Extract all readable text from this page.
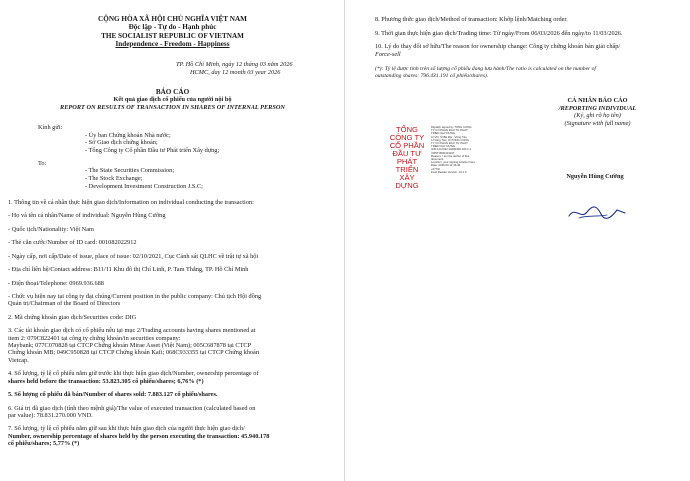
CỘNG HÒA XÃ HỘI CHỦ NGHĨA VIỆT NAM
Độc lập - Tự do - Hạnh phúc
THE SOCIALIST REPUBLIC OF VIETNAM
Independence - Freedom - Happiness
TP. Hồ Chí Minh, ngày 12 tháng 03 năm 2026
HCMC, day 12 month 03 year 2026
BÁO CÁO
Kết quả giao dịch cổ phiếu của người nội bộ
REPORT ON RESULTS OF TRANSACTION IN SHARES OF INTERNAL PERSON
Kính gửi:
- Ủy ban Chứng khoán Nhà nước;
- Sở Giao dịch chứng khoán;
- Tổng Công ty Cổ phần Đầu tư Phát triển Xây dựng;
To:
- The State Securities Commission;
- The Stock Exchange;
- Development Investment Construction J.S.C;
1. Thông tin về cá nhân thực hiện giao dịch/Information on individual conducting the transaction:
- Họ và tên cá nhân/Name of individual: Nguyễn Hùng Cường
- Quốc tịch/Nationality: Việt Nam
- Thẻ căn cước/Number of ID card: 001082022912
- Ngày cấp, nơi cấp/Date of issue, place of issue: 02/10/2021, Cục Cảnh sát QLHC về trật tự xã hội
- Địa chỉ liên hệ/Contact address: B11/11 Khu đô thị Chí Linh, P. Tam Thắng, TP. Hồ Chí Minh
- Điện thoại/Telephone: 0969.936.688
- Chức vụ hiện nay tại công ty đại chúng/Current position in the public company: Chủ tịch Hội đồng
Quản trị/Chairman of the Board of Directors
2. Mã chứng khoán giao dịch/Securities code: DIG
3. Các tài khoản giao dịch có cổ phiếu nêu tại mục 2/Trading accounts having shares mentioned at
item 2: 079C822401 tại công ty chứng khoán/in securities company:
Maybank; 077C070828 tại CTCP Chứng khoán Mirae Asset (Việt Nam); 005C687878 tại CTCP
Chứng khoán MB; 049C950828 tại CTCP Chứng khoán Kafi; 068C933355 tại CTCP Chứng khoán
Vietcap.
4. Số lượng, tỷ lệ cổ phiếu nắm giữ trước khi thực hiện giao dịch/Number, ownership percentage of
shares held before the transaction: 53.823.305 cổ phiếu/shares; 6,76% (*)
5. Số lượng cổ phiếu đã bán/Number of shares sold: 7.883.127 cổ phiếu/shares.
6. Giá trị đã giao dịch (tính theo mệnh giá)/The value of executed transaction (calculated based on
par value): 78.831.270.000 VND.
7. Số lượng, tỷ lệ cổ phiếu nắm giữ sau khi thực hiện giao dịch của người thực hiện giao dịch/
Number, ownership percentage of shares held by the person executing the transaction: 45.940.178
cổ phiếu/shares; 5,77% (*)
8. Phương thức giao dịch/Method of transaction: Khớp lệnh/Matching order.
9. Thời gian thực hiện giao dịch/Trading time: Từ ngày/From 06/03/2026 đến ngày/to 11/03/2026.
10. Lý do thay đổi sở hữu/The reason for ownership change: Công ty chứng khoán bán giải chấp/
Force-sell
(*): Tỷ lệ được tính trên số lượng cổ phiếu đang lưu hành/The ratio is calculated on the number of
outstanding shares: 796.431.191 cổ phiếu/shares).
CÁ NHÂN BÁO CÁO
/REPORTING INDIVIDUAL
(Ký, ghi rõ họ tên)
(Signature with full name)
Nguyễn Hùng Cường
TỔNG
CÔNG TY
CỔ PHẦN
ĐẦU TƯ
PHÁT TRIỂN
XÂY DỰNG
Digitally signed by TỔNG CÔNG
TY CỔ PHẦN ĐẦU TƯ PHÁT
TRIỂN XÂY DỰNG
C=VN, S=Bà Rịa - Vũng Tàu,
L=Vũng Tàu, O=TỔNG CÔNG
TY CỔ PHẦN ĐẦU TƯ PHÁT
TRIỂN XÂY DỰNG
OID.0.9.2342.19200300.100.1.1
=MST:3500101107
Reason: I am the author of this
document
Location: your signing location here
Date: 2026.03.12 16:36
+07'00'
Foxit Reader Version: 10.1.0
